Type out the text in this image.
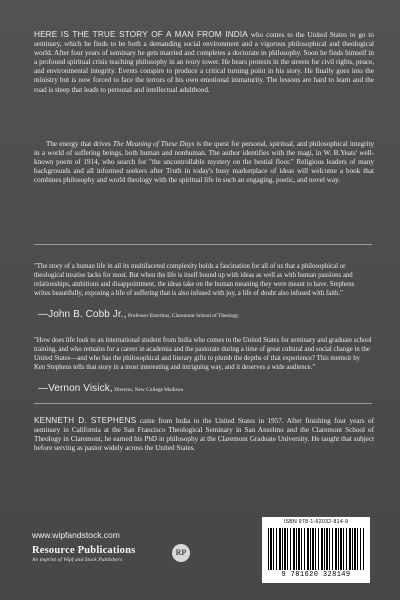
HERE IS THE TRUE STORY OF A MAN FROM INDIA who comes to the United States to go to seminary, which he finds to be both a demanding social environment and a vigorous philosophical and theological world. After four years of seminary he gets married and completes a doctorate in philosophy. Soon he finds himself in a profound spiritual crisis teaching philosophy in an ivory tower. He hears protests in the streets for civil rights, peace, and environmental integrity. Events conspire to produce a critical turning point in his story. He finally goes into the ministry but is now forced to face the terrors of his own emotional immaturity. The lessons are hard to learn and the road is steep that leads to personal and intellectual adulthood.
The energy that drives The Meaning of These Days is the quest for personal, spiritual, and philosophical integrity in a world of suffering beings, both human and nonhuman. The author identifies with the magi, in W. B.Yeats' well-known poem of 1914, who search for "the uncontrollable mystery on the bestial floor." Religious leaders of many backgrounds and all informed seekers after Truth in today's busy marketplace of ideas will welcome a book that combines philosophy and world theology with the spiritual life in such an engaging, poetic, and novel way.
"The story of a human life in all its multifaceted complexity holds a fascination for all of us that a philosophical or theological treatise lacks for most. But when the life is itself bound up with ideas as well as with human passions and relationships, ambitions and disappointment, the ideas take on the human meaning they were meant to have. Stephens writes beautifully, exposing a life of suffering that is also infused with joy, a life of doubt also infused with faith."
—John B. Cobb Jr., Professor Emeritus, Claremont School of Theology
"How does life look to an international student from India who comes to the United States for seminary and graduate school training, and who remains for a career in academia and the pastorate during a time of great cultural and social change in the United States—and who has the philosophical and literary gifts to plumb the depths of that experience? This memoir by Ken Stephens tells that story in a most interesting and intriguing way, and it deserves a wide audience."
—Vernon Visick, Director, New College Madison
KENNETH D. STEPHENS came from India to the United States in 1957. After finishing four years of seminary in California at the San Francisco Theological Seminary in San Anselmo and the Claremont School of Theology in Claremont, he earned his PhD in philosophy at the Claremont Graduate University. He taught that subject before serving as pastor widely across the United States.
www.wipfandstock.com
Resource Publications
An imprint of Wipf and Stock Publishers
RP
ISBN 978-1-62032-814-9
9 781620 328149
